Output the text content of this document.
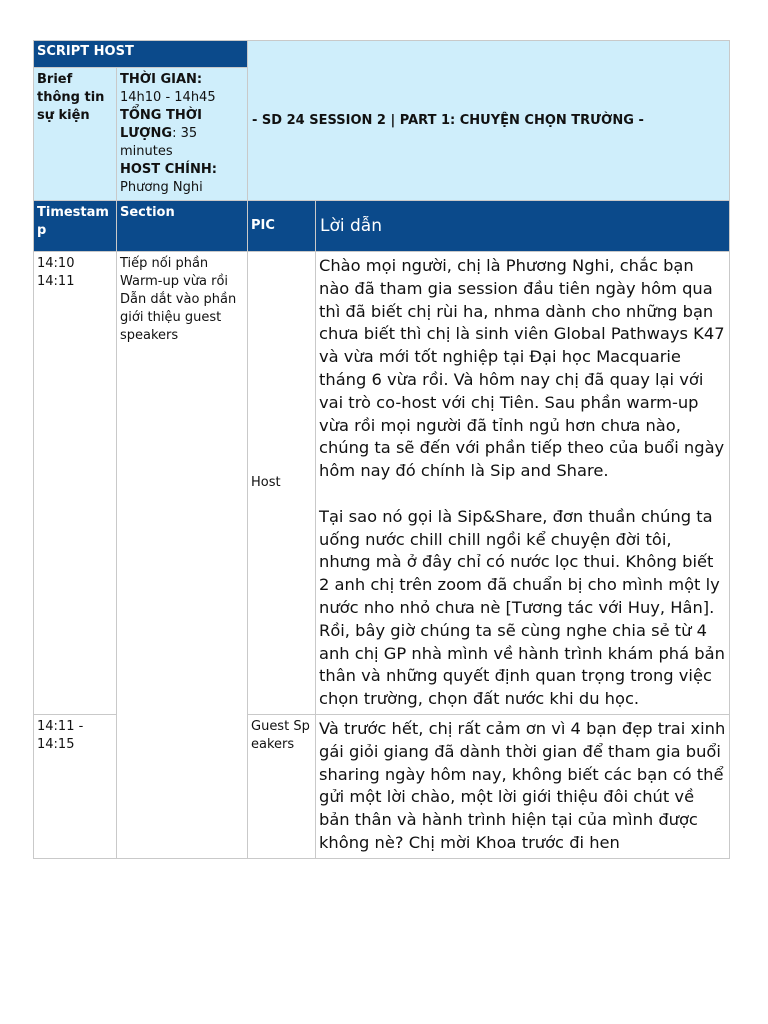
SCRIPT HOST		- SD 24 SESSION 2 | PART 1: CHUYỆN CHỌN TRƯỜNG -	
Brief thông tin sự kiện	THỜI GIAN: 14h10 - 14h45
TỔNG THỜI LƯỢNG: 35 minutes
HOST CHÍNH: Phương Nghi		
Timestamp	Section	PIC	Lời dẫn
14:10 14:11	Tiếp nối phần Warm-up vừa rồi Dẫn dắt vào phần giới thiệu guest speakers	Host	Chào mọi người, chị là Phương Nghi, chắc bạn nào đã tham gia session đầu tiên ngày hôm qua thì đã biết chị rùi ha, nhma dành cho những bạn chưa biết thì chị là sinh viên Global Pathways K47 và vừa mới tốt nghiệp tại Đại học Macquarie tháng 6 vừa rồi. Và hôm nay chị đã quay lại với vai trò co-host với chị Tiên. Sau phần warm-up vừa rồi mọi người đã tỉnh ngủ hơn chưa nào, chúng ta sẽ đến với phần tiếp theo của buổi ngày hôm nay đó chính là Sip and Share.

Tại sao nó gọi là Sip&Share, đơn thuần chúng ta uống nước chill chill ngồi kể chuyện đời tôi, nhưng mà ở đây chỉ có nước lọc thui. Không biết 2 anh chị trên zoom đã chuẩn bị cho mình một ly nước nho nhỏ chưa nè [Tương tác với Huy, Hân]. Rồi, bây giờ chúng ta sẽ cùng nghe chia sẻ từ 4 anh chị GP nhà mình về hành trình khám phá bản thân và những quyết định quan trọng trong việc chọn trường, chọn đất nước khi du học.

14:11 - 14:15		Guest Speakers	Và trước hết, chị rất cảm ơn vì 4 bạn đẹp trai xinh gái giỏi giang đã dành thời gian để tham gia buổi sharing ngày hôm nay, không biết các bạn có thể gửi một lời chào, một lời giới thiệu đôi chút về bản thân và hành trình hiện tại của mình được không nè? Chị mời Khoa trước đi hen
